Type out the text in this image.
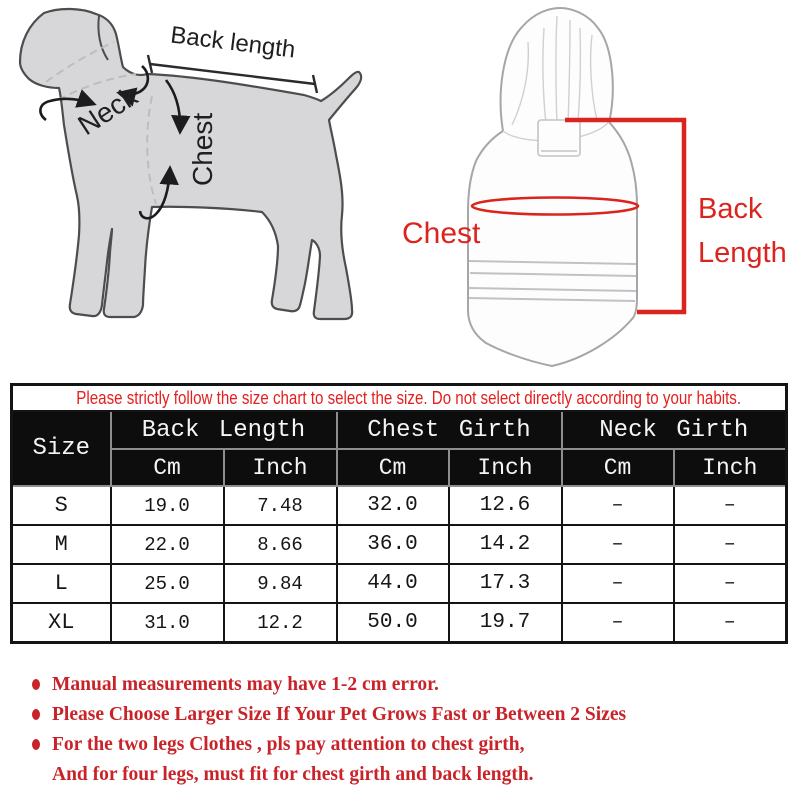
Back length
Neck
Chest
Chest
Back
Length
Please strictly follow the size chart to select the size. Do not select directly according to your habits.						
Size	Back Length		Chest Girth		Neck Girth	
	Cm	Inch	Cm	Inch	Cm	Inch
S	19.0	7.48	32.0	12.6	–	–
M	22.0	8.66	36.0	14.2	–	–
L	25.0	9.84	44.0	17.3	–	–
XL	31.0	12.2	50.0	19.7	–	–
Manual measurements may have 1-2 cm error.
Please Choose Larger Size If Your Pet Grows Fast or Between 2 Sizes
For the two legs Clothes , pls pay attention to chest girth,
And for four legs, must fit for chest girth and back length.
